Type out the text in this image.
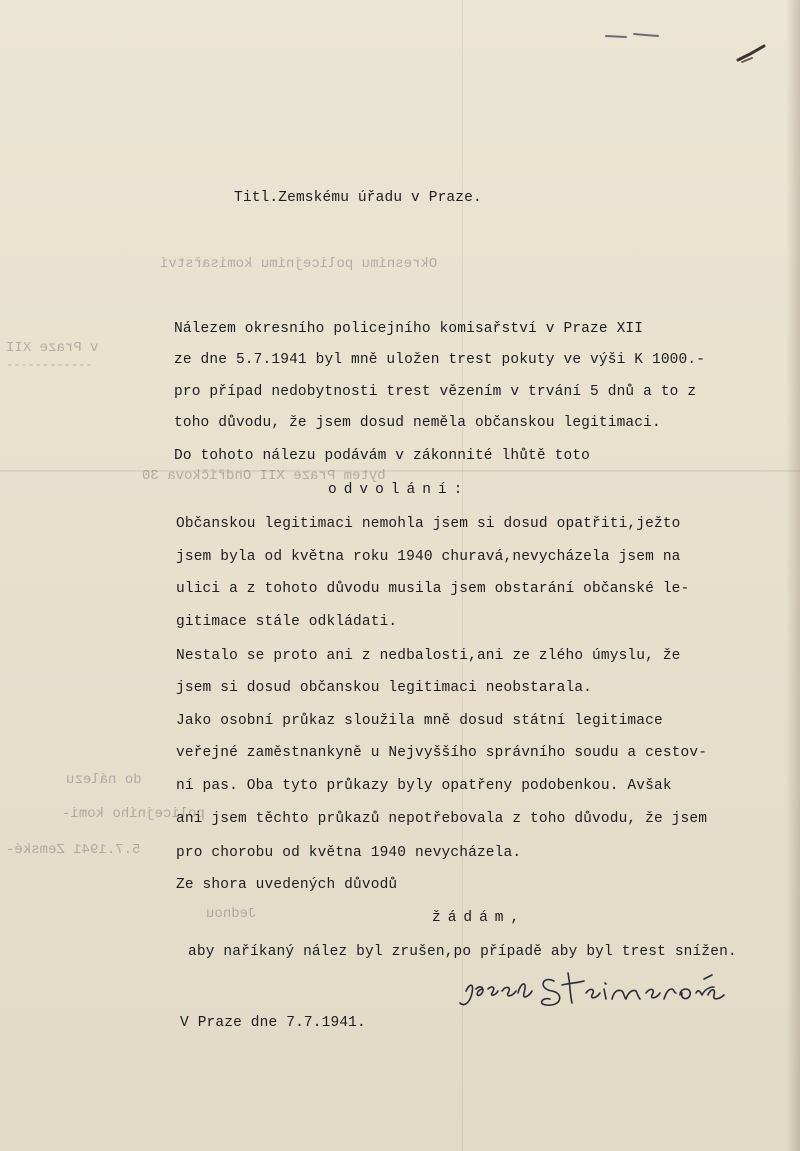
Okresnímu policejnímu komisařství
v Praze XII
------------
bytem Praze XII Ondříčkova 30
do nálezu
policejního komi-
5.7.1941 Zemské-
Jednou
Titl.Zemskému úřadu v Praze.
Nálezem okresního policejního komisařství v Praze XII
ze dne 5.7.1941 byl mně uložen trest pokuty ve výši K 1000.-
pro případ nedobytnosti trest vězením v trvání 5 dnů a to z
toho důvodu, že jsem dosud neměla občanskou legitimaci.
Do tohoto nálezu podávám v zákonnité lhůtě toto
odvolání:
Občanskou legitimaci nemohla jsem si dosud opatřiti,ježto
jsem byla od května roku 1940 churavá,nevycházela jsem na
ulici a z tohoto důvodu musila jsem obstarání občanské le-
gitimace stále odkládati.
Nestalo se proto ani z nedbalosti,ani ze zlého úmyslu, že
jsem si dosud občanskou legitimaci neobstarala.
Jako osobní průkaz sloužila mně dosud státní legitimace
veřejné zaměstnankyně u Nejvyššího správního soudu a cestov-
ní pas. Oba tyto průkazy byly opatřeny podobenkou. Avšak
ani jsem těchto průkazů nepotřebovala z toho důvodu, že jsem
pro chorobu od května 1940 nevycházela.
Ze shora uvedených důvodů
žádám,
aby naříkaný nález byl zrušen,po případě aby byl trest snížen.
V Praze dne 7.7.1941.
